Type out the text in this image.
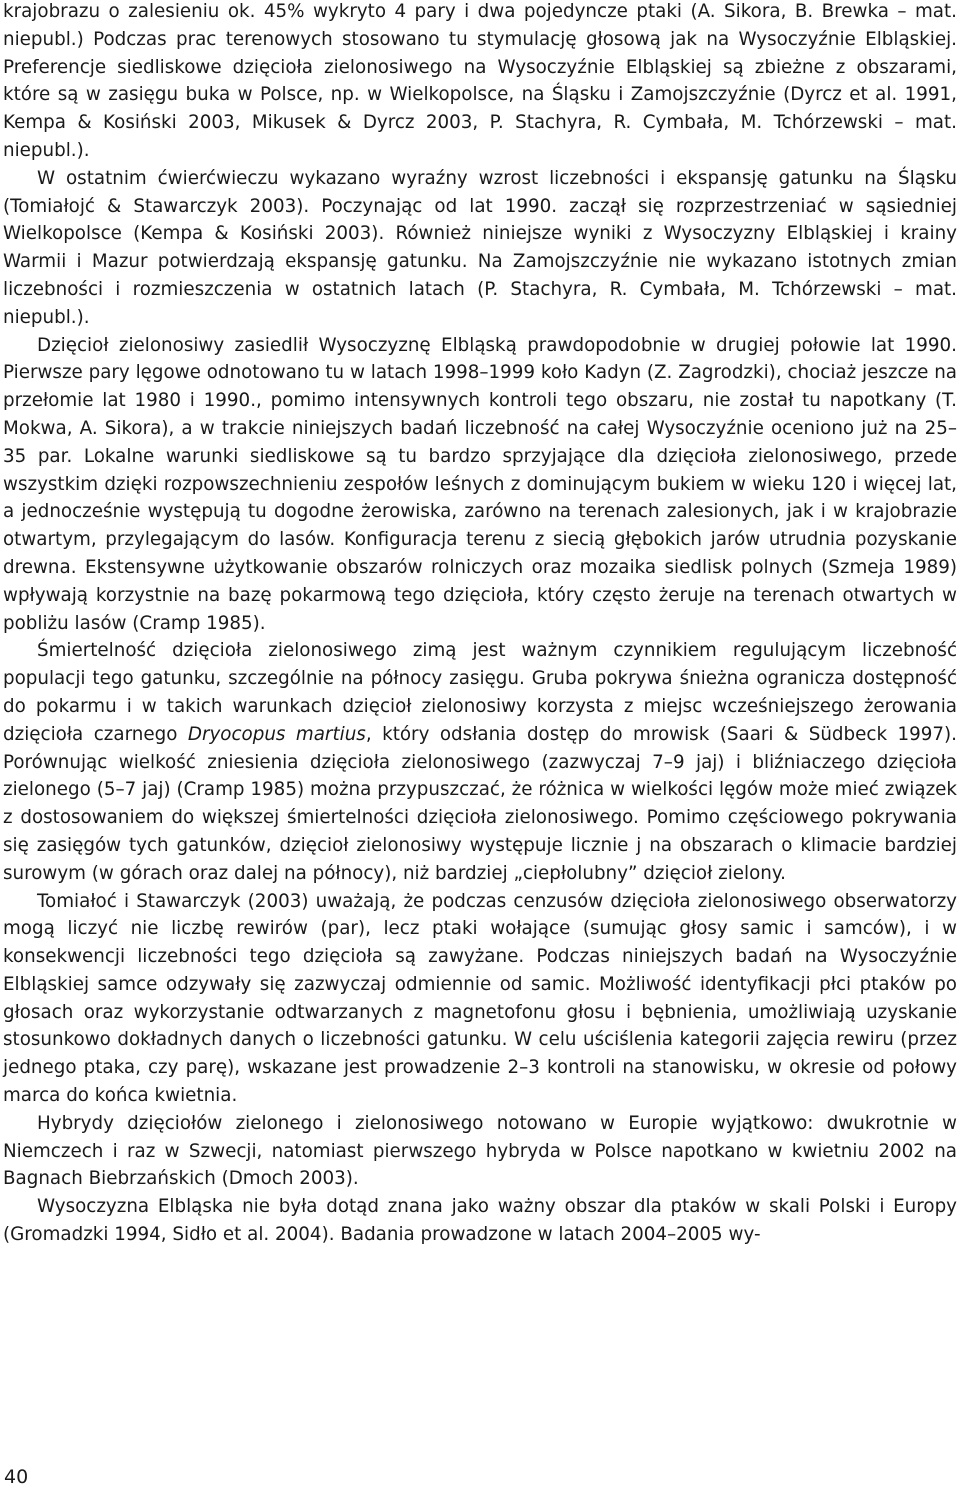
krajobrazu o zalesieniu ok. 45% wykryto 4 pary i dwa pojedyncze ptaki (A. Sikora, B. Brewka – mat. niepubl.) Podczas prac terenowych stosowano tu stymulację głosową jak na Wysoczyźnie Elbląskiej. Preferencje siedliskowe dzięcioła zielonosiwego na Wysoczyźnie Elbląskiej są zbieżne z obszarami, które są w zasięgu buka w Polsce, np. w Wielkopolsce, na Śląsku i Zamojszczyźnie (Dyrcz et al. 1991, Kempa & Kosiński 2003, Mikusek & Dyrcz 2003, P. Stachyra, R. Cymbała, M. Tchórzewski – mat. niepubl.).

W ostatnim ćwierćwieczu wykazano wyraźny wzrost liczebności i ekspansję gatunku na Śląsku (Tomiałojć & Stawarczyk 2003). Poczynając od lat 1990. zaczął się rozprzestrzeniać w sąsiedniej Wielkopolsce (Kempa & Kosiński 2003). Również niniejsze wyniki z Wysoczyzny Elbląskiej i krainy Warmii i Mazur potwierdzają ekspansję gatunku. Na Zamojszczyźnie nie wykazano istotnych zmian liczebności i rozmieszczenia w ostatnich latach (P. Stachyra, R. Cymbała, M. Tchórzewski – mat. niepubl.).

Dzięcioł zielonosiwy zasiedlił Wysoczyznę Elbląską prawdopodobnie w drugiej połowie lat 1990. Pierwsze pary lęgowe odnotowano tu w latach 1998–1999 koło Kadyn (Z. Zagrodzki), chociaż jeszcze na przełomie lat 1980 i 1990., pomimo intensywnych kontroli tego obszaru, nie został tu napotkany (T. Mokwa, A. Sikora), a w trakcie niniejszych badań liczebność na całej Wysoczyźnie oceniono już na 25–35 par. Lokalne warunki siedliskowe są tu bardzo sprzyjające dla dzięcioła zielonosiwego, przede wszystkim dzięki rozpowszechnieniu zespołów leśnych z dominującym bukiem w wieku 120 i więcej lat, a jednocześnie występują tu dogodne żerowiska, zarówno na terenach zalesionych, jak i w krajobrazie otwartym, przylegającym do lasów. Konfiguracja terenu z siecią głębokich jarów utrudnia pozyskanie drewna. Ekstensywne użytkowanie obszarów rolniczych oraz mozaika siedlisk polnych (Szmeja 1989) wpływają korzystnie na bazę pokarmową tego dzięcioła, który często żeruje na terenach otwartych w pobliżu lasów (Cramp 1985).

Śmiertelność dzięcioła zielonosiwego zimą jest ważnym czynnikiem regulującym liczebność populacji tego gatunku, szczególnie na północy zasięgu. Gruba pokrywa śnieżna ogranicza dostępność do pokarmu i w takich warunkach dzięcioł zielonosiwy korzysta z miejsc wcześniejszego żerowania dzięcioła czarnego Dryocopus martius, który odsłania dostęp do mrowisk (Saari & Südbeck 1997). Porównując wielkość zniesienia dzięcioła zielonosiwego (zazwyczaj 7–9 jaj) i bliźniaczego dzięcioła zielonego (5–7 jaj) (Cramp 1985) można przypuszczać, że różnica w wielkości lęgów może mieć związek z dostosowaniem do większej śmiertelności dzięcioła zielonosiwego. Pomimo częściowego pokrywania się zasięgów tych gatunków, dzięcioł zielonosiwy występuje licznie j na obszarach o klimacie bardziej surowym (w górach oraz dalej na północy), niż bardziej „ciepłolubny” dzięcioł zielony.

Tomiałoć i Stawarczyk (2003) uważają, że podczas cenzusów dzięcioła zielonosiwego obserwatorzy mogą liczyć nie liczbę rewirów (par), lecz ptaki wołające (sumując głosy samic i samców), i w konsekwencji liczebności tego dzięcioła są zawyżane. Podczas niniejszych badań na Wysoczyźnie Elbląskiej samce odzywały się zazwyczaj odmiennie od samic. Możliwość identyfikacji płci ptaków po głosach oraz wykorzystanie odtwarzanych z magnetofonu głosu i bębnienia, umożliwiają uzyskanie stosunkowo dokładnych danych o liczebności gatunku. W celu uściślenia kategorii zajęcia rewiru (przez jednego ptaka, czy parę), wskazane jest prowadzenie 2–3 kontroli na stanowisku, w okresie od połowy marca do końca kwietnia.

Hybrydy dzięciołów zielonego i zielonosiwego notowano w Europie wyjątkowo: dwukrotnie w Niemczech i raz w Szwecji, natomiast pierwszego hybryda w Polsce napotkano w kwietniu 2002 na Bagnach Biebrzańskich (Dmoch 2003).

Wysoczyzna Elbląska nie była dotąd znana jako ważny obszar dla ptaków w skali Polski i Europy (Gromadzki 1994, Sidło et al. 2004). Badania prowadzone w latach 2004–2005 wy-

40
